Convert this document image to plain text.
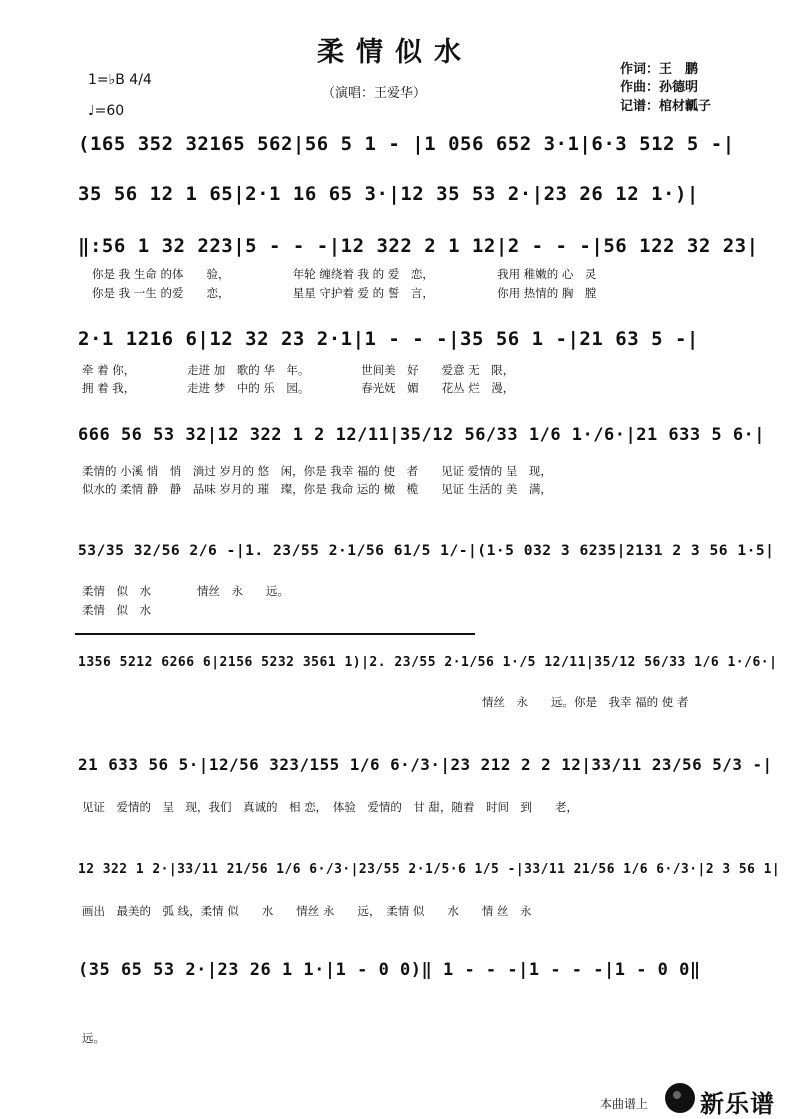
柔情似水
（演唱：王爱华）
作词：王　鹏
作曲：孙德明
记谱：棺材瓤子
1=♭B 4/4
♩=60
(165 352 32165 562|56 5 1 - |1 056 652 3·1|6·3 512 5 -|
35 56 12 1 65|2·1 16 65 3·|12 35 53 2·|23 26 12 1·)|
‖:56 1 32 223|5 - - -|12 322 2 1 12|2 - - -|56 122 32 23|
你是 我 生命 的体　　验，　　　　　　年轮 缠绕着 我 的 爱　恋，　　　　　　我用 稚嫩的 心　灵
你是 我 一生 的爱　　恋，　　　　　　星星 守护着 爱 的 誓　言，　　　　　　你用 热情的 胸　膛
2·1 1216 6|12 32 23 2·1|1 - - -|35 56 1 -|21 63 5 -|
牵 着 你，　　　　　走进 加　歌的 华　年。　　　　　世间美　好　　爱意 无　限，
拥 着 我，　　　　　走进 梦　中的 乐　园。　　　　　春光妩　媚　　花丛 烂　漫，
666 56 53 32|12 322 1 2 12/11|35/12 56/33 1/6 1·/6·|21 633 5 6·|
柔情的 小溪 悄　悄　淌过 岁月的 悠　闲，你是 我幸 福的 使　者　　见证 爱情的 呈　现，
似水的 柔情 静　静　品味 岁月的 璀　璨，你是 我命 运的 橄　榄　　见证 生活的 美　满，
53/35 32/56 2/6 -|1. 23/55 2·1/56 61/5 1/-|(1·5 032 3 6235|2131 2 3 56 1·5|
柔情　似　水　　　　情丝　永　　远。
柔情　似　水
1356 5212 6266 6|2156 5232 3561 1)|2. 23/55 2·1/56 1·/5 12/11|35/12 56/33 1/6 1·/6·|
情丝　永　　远。你是　我幸 福的 使 者
21 633 56 5·|12/56 323/155 1/6 6·/3·|23 212 2 2 12|33/11 23/56 5/3 -|
见证　爱情的　呈　现，我们　真诚的　相 恋，　体验　爱情的　甘 甜，随着　时间　到　　老，
12 322 1 2·|33/11 21/56 1/6 6·/3·|23/55 2·1/5·6 1/5 -|33/11 21/56 1/6 6·/3·|2 3 56 1|
画出　最美的　弧 线，柔情 似　　水　　情丝 永　　远，　柔情 似　　水　　情 丝　永
(35 65 53 2·|23 26 1 1·|1 - 0 0)‖ 1 - - -|1 - - -|1 - 0 0‖
远。
本曲谱上 新乐谱
